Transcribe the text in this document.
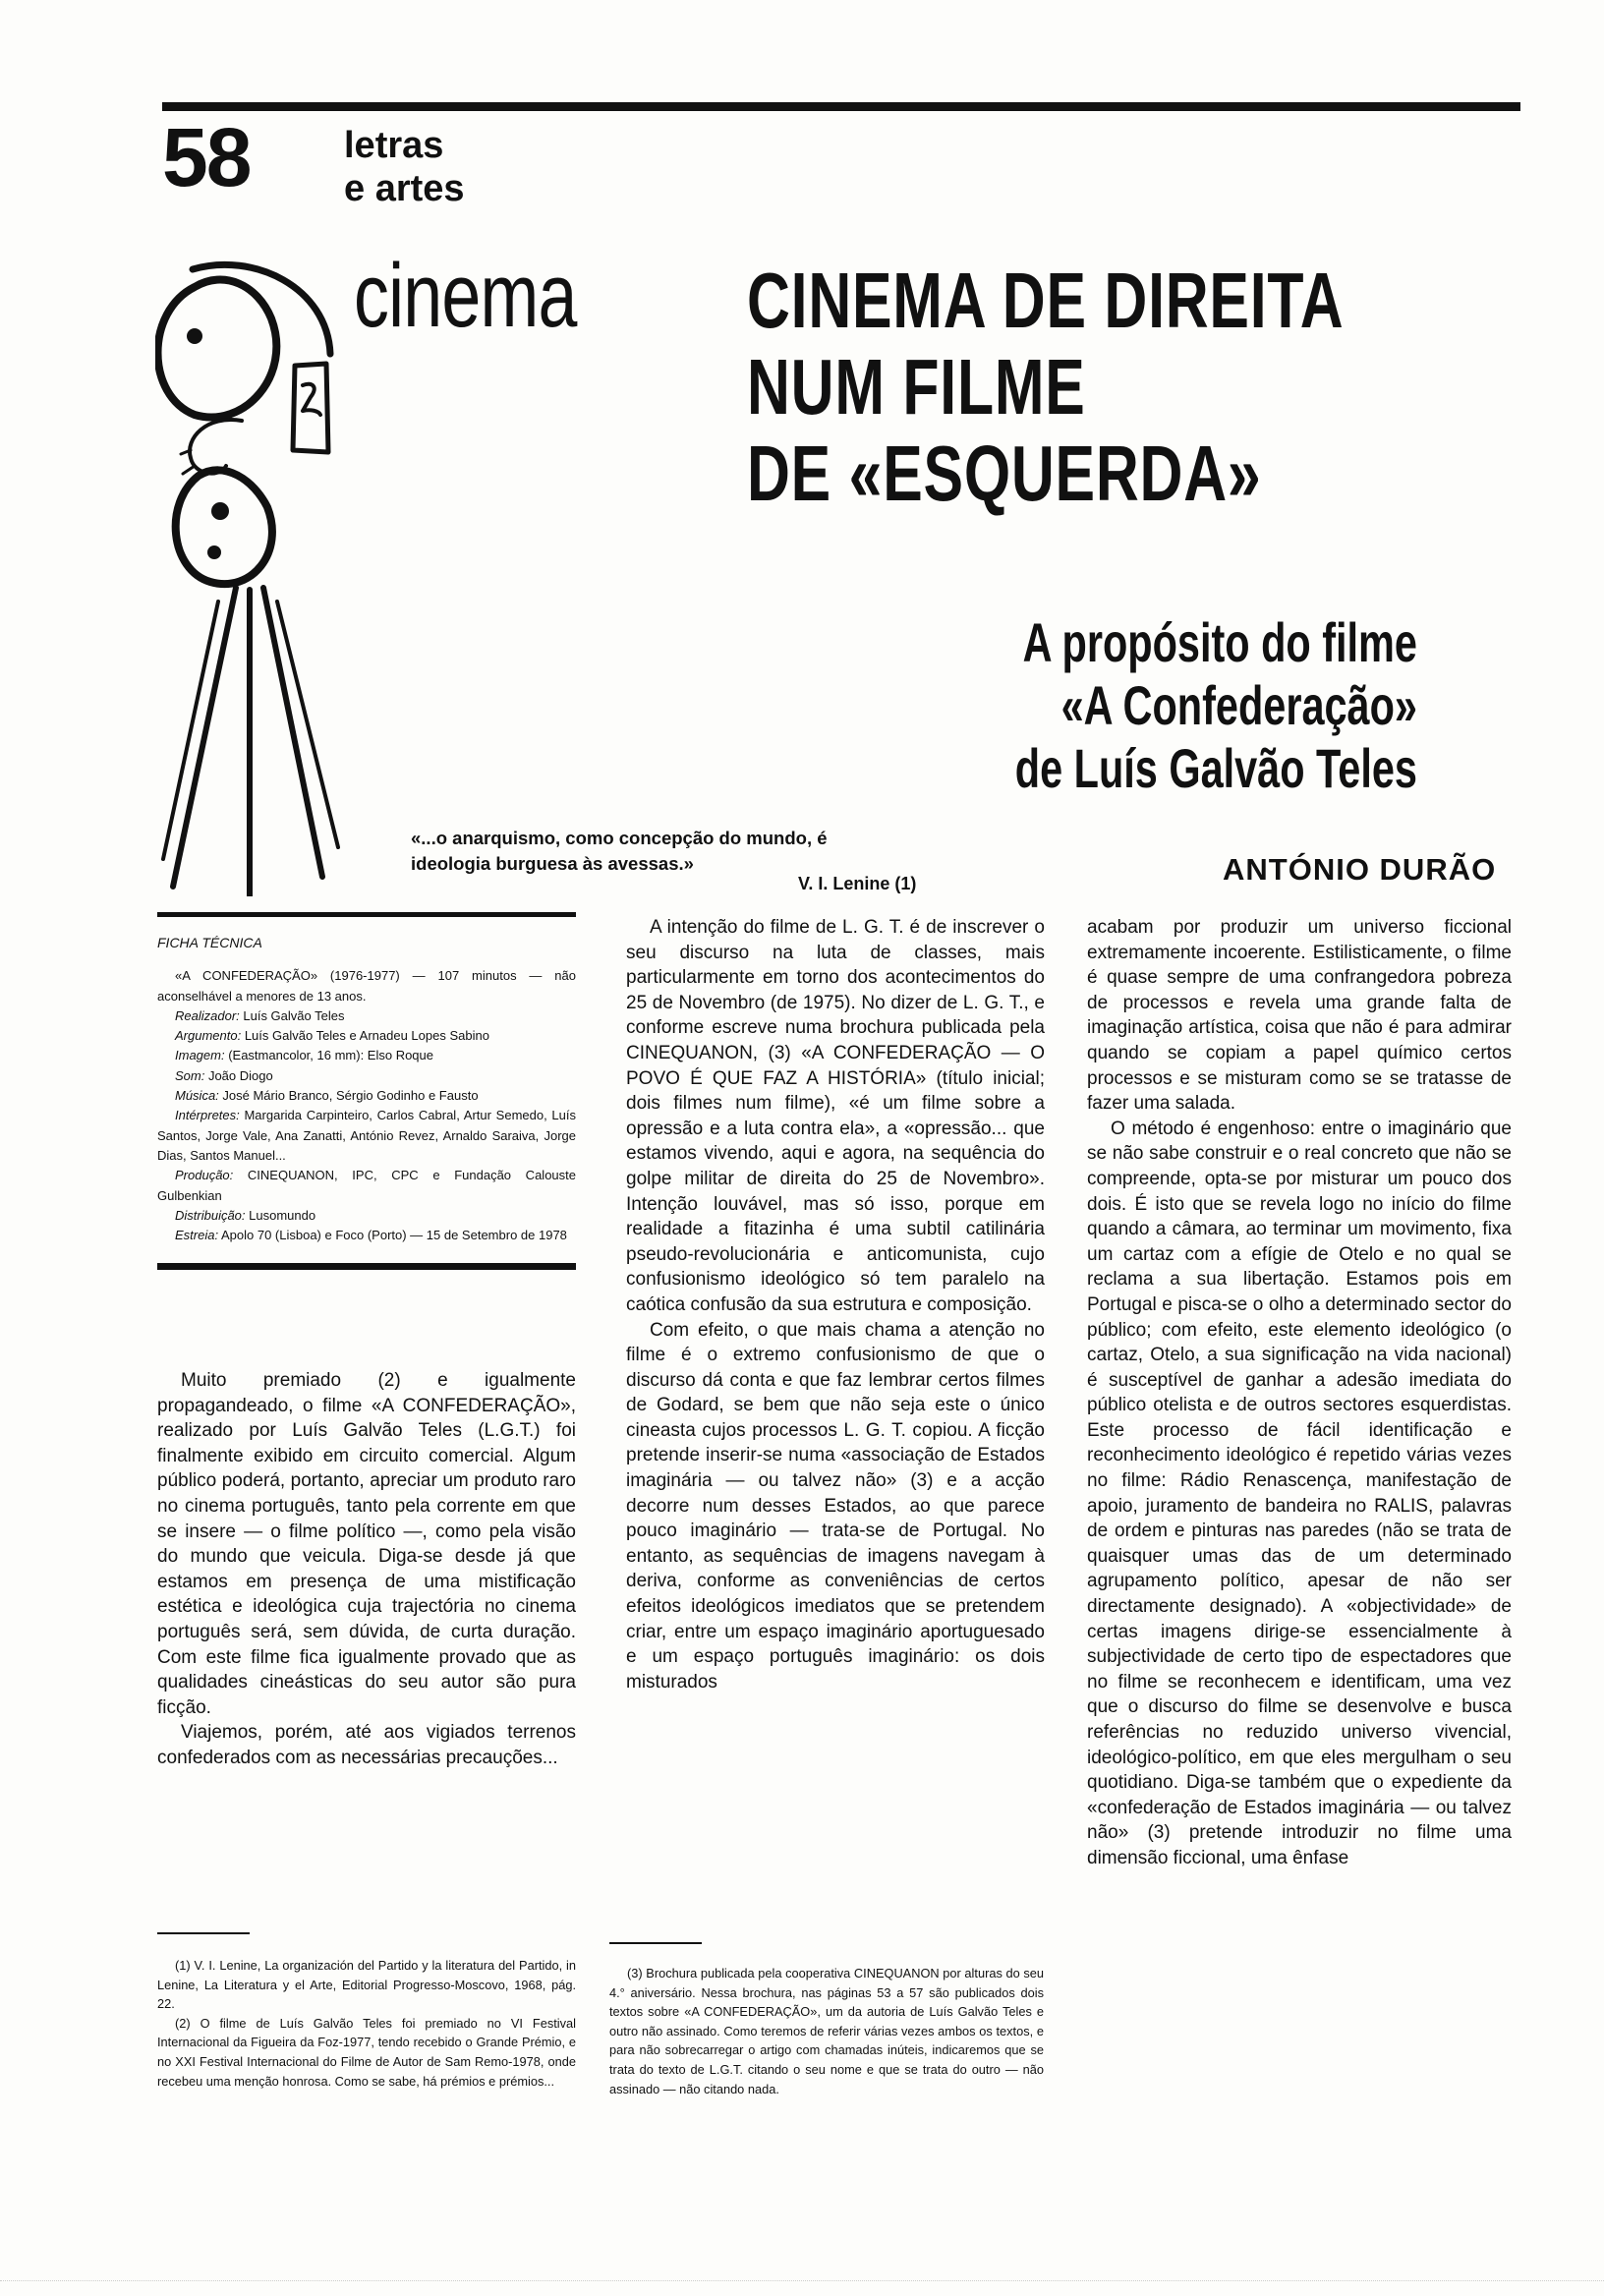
58	letras
e artes
cinema CINEMA DE DIREITA
NUM FILME
DE «ESQUERDA»
A propósito do filme
«A Confederação»
de Luís Galvão Teles
«...o anarquismo, como concepção do mundo, é
ideologia burguesa às avessas.»
V. I. Lenine (1)	ANTÓNIO DURÃO
FICHA TÉCNICA
«A CONFEDERAÇÃO» (1976-1977) — 107 minutos — não aconselhável a menores de 13 anos.
Realizador: Luís Galvão Teles
Argumento: Luís Galvão Teles e Arnadeu Lopes Sabino
Imagem: (Eastmancolor, 16 mm): Elso Roque
Som: João Diogo
Música: José Mário Branco, Sérgio Godinho e Fausto
Intérpretes: Margarida Carpinteiro, Carlos Cabral, Artur Semedo, Luís Santos, Jorge Vale, Ana Zanatti, António Revez, Arnaldo Saraiva, Jorge Dias, Santos Manuel...
Produção: CINEQUANON, IPC, CPC e Fundação Calouste Gulbenkian
Distribuição: Lusomundo
Estreia: Apolo 70 (Lisboa) e Foco (Porto) — 15 de Setembro de 1978

Muito premiado (2) e igualmente propagandeado, o filme «A CONFEDERAÇÃO», realizado por Luís Galvão Teles (L.G.T.) foi finalmente exibido em circuito comercial. Algum público poderá, portanto, apreciar um produto raro no cinema português, tanto pela corrente em que se insere — o filme político —, como pela visão do mundo que veicula. Diga-se desde já que estamos em presença de uma mistificação estética e ideológica cuja trajectória no cinema português será, sem dúvida, de curta duração. Com este filme fica igualmente provado que as qualidades cineásticas do seu autor são pura ficção.

Viajemos, porém, até aos vigiados terrenos confederados com as necessárias precauções...

A intenção do filme de L. G. T. é de inscrever o seu discurso na luta de classes, mais particularmente em torno dos acontecimentos do 25 de Novembro (de 1975). No dizer de L. G. T., e conforme escreve numa brochura publicada pela CINEQUANON, (3) «A CONFEDERAÇÃO — O POVO É QUE FAZ A HISTÓRIA» (título inicial; dois filmes num filme), «é um filme sobre a opressão e a luta contra ela», a «opressão... que estamos vivendo, aqui e agora, na sequência do golpe militar de direita do 25 de Novembro». Intenção louvável, mas só isso, porque em realidade a fitazinha é uma subtil catilinária pseudo-revolucionária e anticomunista, cujo confusionismo ideológico só tem paralelo na caótica confusão da sua estrutura e composição.

Com efeito, o que mais chama a atenção no filme é o extremo confusionismo de que o discurso dá conta e que faz lembrar certos filmes de Godard, se bem que não seja este o único cineasta cujos processos L. G. T. copiou. A ficção pretende inserir-se numa «associação de Estados imaginária — ou talvez não» (3) e a acção decorre num desses Estados, ao que parece pouco imaginário — trata-se de Portugal. No entanto, as sequências de imagens navegam à deriva, conforme as conveniências de certos efeitos ideológicos imediatos que se pretendem criar, entre um espaço imaginário aportuguesado e um espaço português imaginário: os dois misturados

acabam por produzir um universo ficcional extremamente incoerente. Estilisticamente, o filme é quase sempre de uma confrangedora pobreza de processos e revela uma grande falta de imaginação artística, coisa que não é para admirar quando se copiam a papel químico certos processos e se misturam como se se tratasse de fazer uma salada.

O método é engenhoso: entre o imaginário que se não sabe construir e o real concreto que não se compreende, opta-se por misturar um pouco dos dois. É isto que se revela logo no início do filme quando a câmara, ao terminar um movimento, fixa um cartaz com a efígie de Otelo e no qual se reclama a sua libertação. Estamos pois em Portugal e pisca-se o olho a determinado sector do público; com efeito, este elemento ideológico (o cartaz, Otelo, a sua significação na vida nacional) é susceptível de ganhar a adesão imediata do público otelista e de outros sectores esquerdistas. Este processo de fácil identificação e reconhecimento ideológico é repetido várias vezes no filme: Rádio Renascença, manifestação de apoio, juramento de bandeira no RALIS, palavras de ordem e pinturas nas paredes (não se trata de quaisquer umas das de um determinado agrupamento político, apesar de não ser directamente designado). A «objectividade» de certas imagens dirige-se essencialmente à subjectividade de certo tipo de espectadores que no filme se reconhecem e identificam, uma vez que o discurso do filme se desenvolve e busca referências no reduzido universo vivencial, ideológico-político, em que eles mergulham o seu quotidiano. Diga-se também que o expediente da «confederação de Estados imaginária — ou talvez não» (3) pretende introduzir no filme uma dimensão ficcional, uma ênfase

(1) V. I. Lenine, La organización del Partido y la literatura del Partido, in Lenine, La Literatura y el Arte, Editorial Progresso-Moscovo, 1968, pág. 22.

(2) O filme de Luís Galvão Teles foi premiado no VI Festival Internacional da Figueira da Foz-1977, tendo recebido o Grande Prémio, e no XXI Festival Internacional do Filme de Autor de Sam Remo-1978, onde recebeu uma menção honrosa. Como se sabe, há prémios e prémios...

(3) Brochura publicada pela cooperativa CINEQUANON por alturas do seu 4.° aniversário. Nessa brochura, nas páginas 53 a 57 são publicados dois textos sobre «A CONFEDERAÇÃO», um da autoria de Luís Galvão Teles e outro não assinado. Como teremos de referir várias vezes ambos os textos, e para não sobrecarregar o artigo com chamadas inúteis, indicaremos que se trata do texto de L.G.T. citando o seu nome e que se trata do outro — não assinado — não citando nada.
